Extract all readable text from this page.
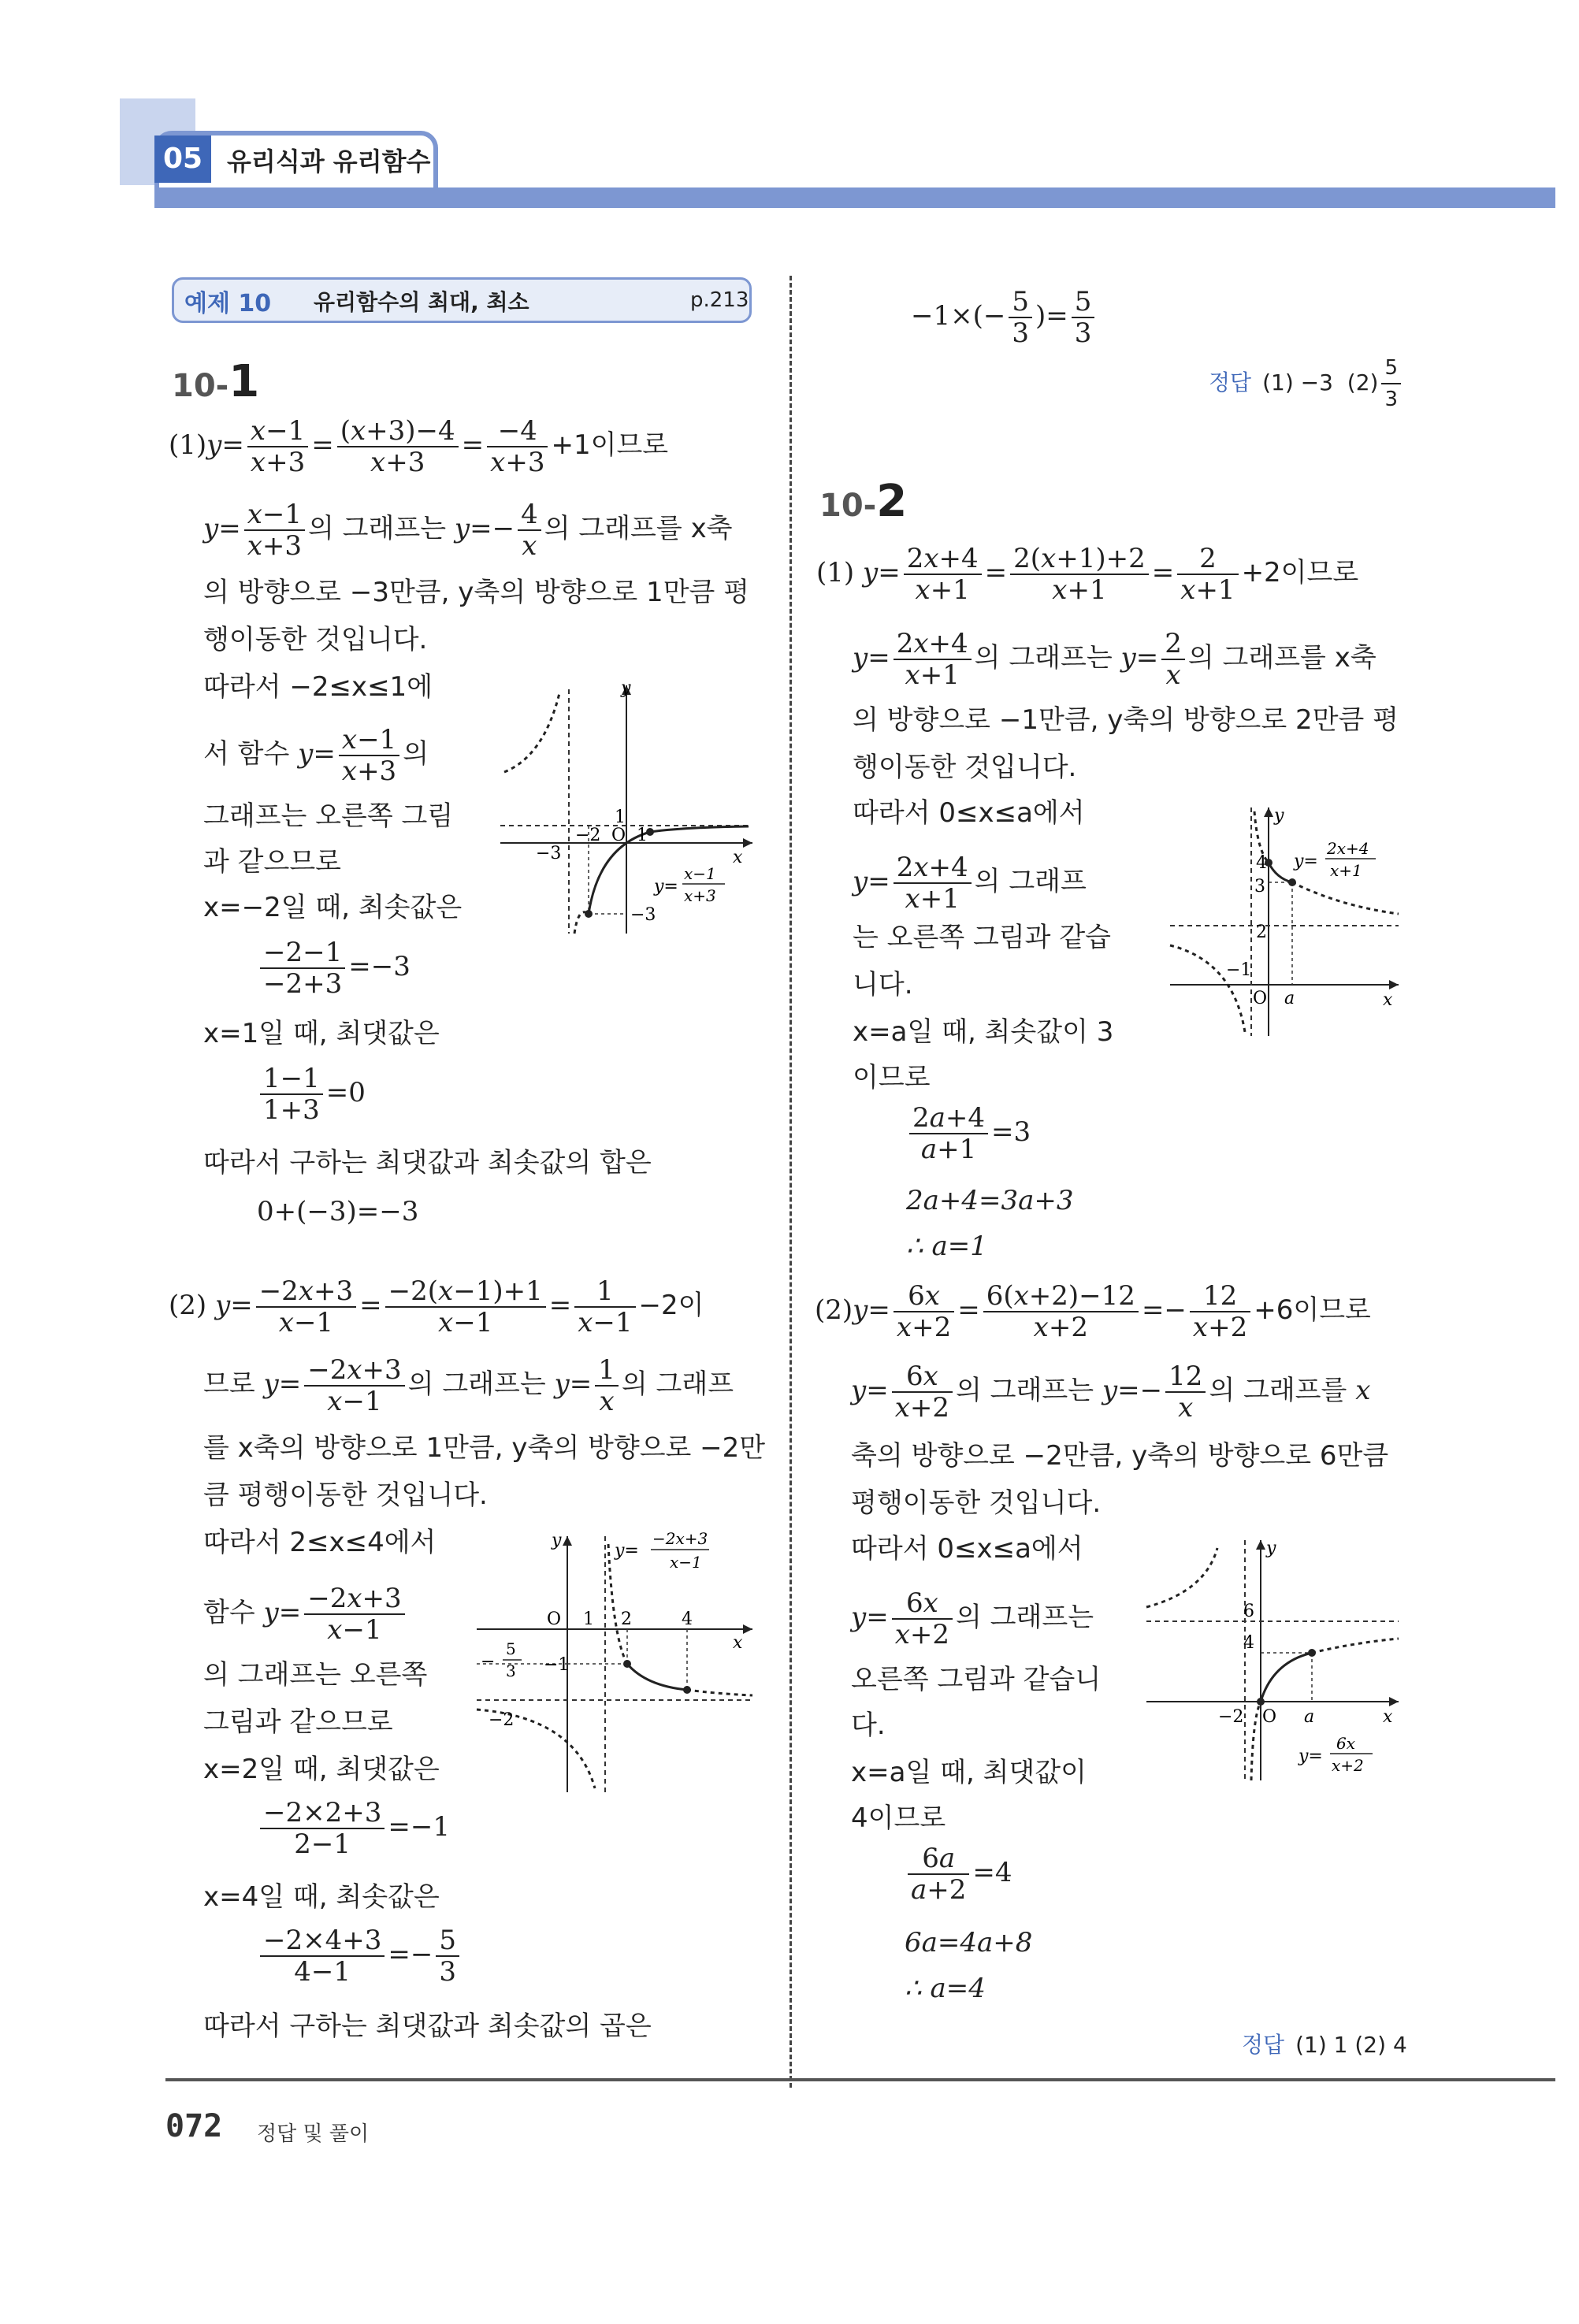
05 유리식과 유리함수
예제 10 유리함수의 최대, 최소	p.213
10-1
$(1)y= \frac{x-1}{x+3} = \frac{(x+3)-4}{x+3} = \frac{-4}{x+3} +1$이므로
$y= \frac{x-1}{x+3}$ 의 그래프는 $y=- \frac{4}{x}$ 의 그래프를 x축
의 방향으로 −3만큼, y축의 방향으로 1만큼 평
행이동한 것입니다.
따라서 −2≤x≤1에
서 함수 $y= \frac{x-1}{x+3}$ 의
그래프는 오른쪽 그림
과 같으므로
x=−2일 때, 최솟값은
$\frac{-2-1}{-2+3} =-3$
x=1일 때, 최댓값은
$\frac{1-1}{1+3} =0$
따라서 구하는 최댓값과 최솟값의 합은
0+(−3)=−3
y
x
1
−2 O 1
−3
−3
y=
x−1
x+3
(2) $y= \frac{-2x+3}{x-1} = \frac{-2(x-1)+1}{x-1} = \frac{1}{x-1} -2$이
므로 $y= \frac{-2x+3}{x-1}$ 의 그래프는 $y= \frac{1}{x}$ 의 그래프
를 x축의 방향으로 1만큼, y축의 방향으로 −2만
큼 평행이동한 것입니다.
따라서 2≤x≤4에서
함수 $y= \frac{-2x+3}{x-1}$
의 그래프는 오른쪽
그림과 같으므로
x=2일 때, 최댓값은
$\frac{-2\times 2+3}{2-1} =-1$
x=4일 때, 최솟값은
$\frac{-2\times 4+3}{4-1} =- \frac{5}{3}$
따라서 구하는 최댓값과 최솟값의 곱은
y
x
O 1 2	4
−1
−2
5
3
−
y=
−2x+3
x−1
$-1\times(- \frac{5}{3}$ )= $\frac{5}{3}$
정답 (1) −3 $(2) \frac{5}{3}$
10-2
(1) $y= \frac{2x+4}{x+1} = \frac{2(x+1)+2}{x+1} = \frac{2}{x+1} +2$이므로
$y= \frac{2x+4}{x+1}$ 의 그래프는 $y= \frac{2}{x}$ 의 그래프를 x축
의 방향으로 −1만큼, y축의 방향으로 2만큼 평
행이동한 것입니다.
따라서 0≤x≤a에서
$y= \frac{2x+4}{x+1}$ 의 그래프
는 오른쪽 그림과 같습
니다.
x=a일 때, 최솟값이 3
이므로
$\frac{2a+4}{a+1} =3$
2a+4=3a+3
∴ a=1
y
x
4
3
2
−1
O a
y=
2x+4
x+1
$(2)y= \frac{6x}{x+2} = \frac{6(x+2)-12}{x+2} =- \frac{12}{x+2} +6$이므로
$y= \frac{6x}{x+2}$ 의 그래프는 $y=- \frac{12}{x}$ 의 그래프를 x
축의 방향으로 −2만큼, y축의 방향으로 6만큼
평행이동한 것입니다.
따라서 0≤x≤a에서
$y= \frac{6x}{x+2}$ 의 그래프는
오른쪽 그림과 같습니
다.
x=a일 때, 최댓값이
4이므로
$\frac{6a}{a+2} =4$
6a=4a+8
∴ a=4
y
x
6
4
−2 O a
y=
6x
x+2
정답 (1) 1 (2) 4
072 정답 및 풀이
